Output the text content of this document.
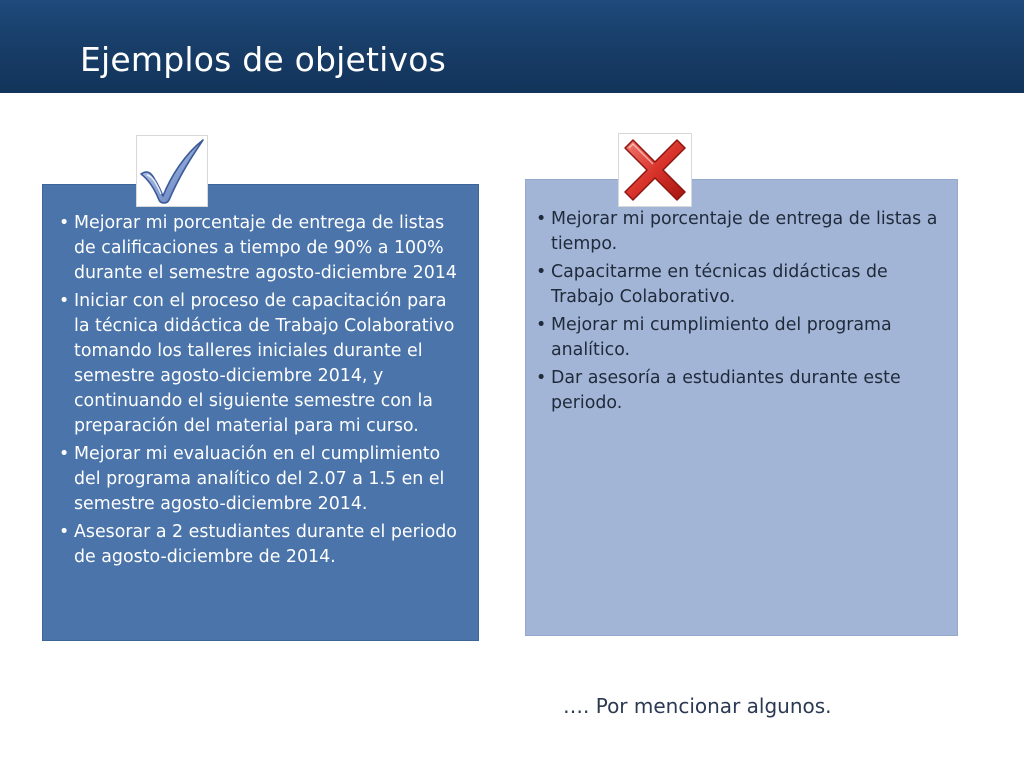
Ejemplos de objetivos
• Mejorar mi porcentaje de entrega de listas de calificaciones a tiempo de 90% a 100% durante el semestre agosto-diciembre 2014
• Iniciar con el proceso de capacitación para la técnica didáctica de Trabajo Colaborativo tomando los talleres iniciales durante el semestre agosto-diciembre 2014, y continuando el siguiente semestre con la preparación del material para mi curso.
• Mejorar mi evaluación en el cumplimiento del programa analítico del 2.07 a 1.5 en el semestre agosto-diciembre 2014.
• Asesorar a 2 estudiantes durante el periodo de agosto-diciembre de 2014.
• Mejorar mi porcentaje de entrega de listas a tiempo.
• Capacitarme en técnicas didácticas de Trabajo Colaborativo.
• Mejorar mi cumplimiento del programa analítico.
• Dar asesoría a estudiantes durante este periodo.
…. Por mencionar algunos.
